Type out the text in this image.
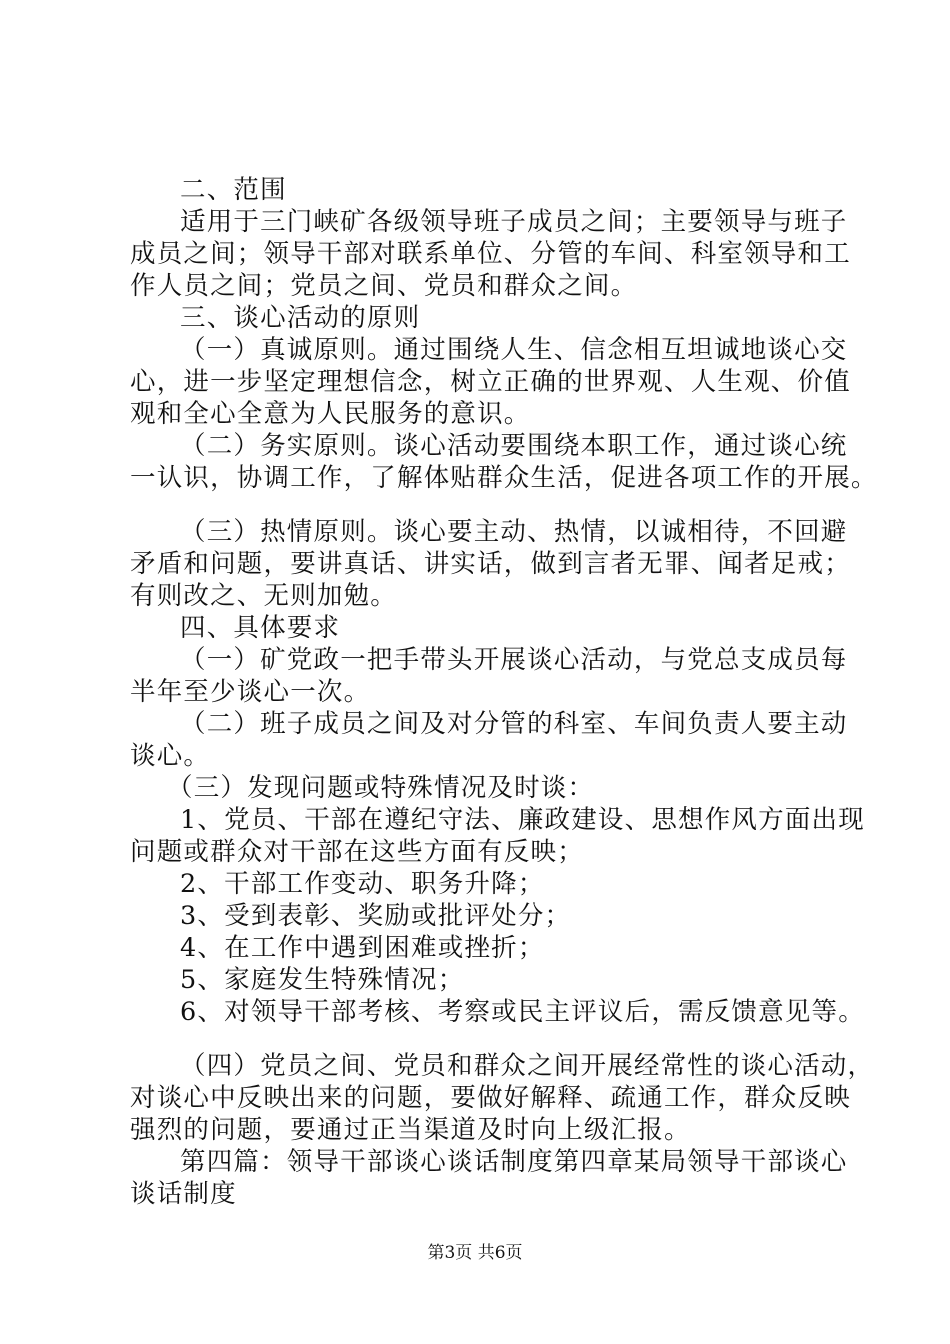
二、范围
适用于三门峡矿各级领导班子成员之间；主要领导与班子
成员之间；领导干部对联系单位、分管的车间、科室领导和工
作人员之间；党员之间、党员和群众之间。
三、谈心活动的原则
（一）真诚原则。通过围绕人生、信念相互坦诚地谈心交
心，进一步坚定理想信念，树立正确的世界观、人生观、价值
观和全心全意为人民服务的意识。
（二）务实原则。谈心活动要围绕本职工作，通过谈心统
一认识，协调工作，了解体贴群众生活，促进各项工作的开展。
（三）热情原则。谈心要主动、热情，以诚相待，不回避
矛盾和问题，要讲真话、讲实话，做到言者无罪、闻者足戒；
有则改之、无则加勉。
四、具体要求
（一）矿党政一把手带头开展谈心活动，与党总支成员每
半年至少谈心一次。
（二）班子成员之间及对分管的科室、车间负责人要主动
谈心。
（三）发现问题或特殊情况及时谈：
1、党员、干部在遵纪守法、廉政建设、思想作风方面出现
问题或群众对干部在这些方面有反映；
2、干部工作变动、职务升降；
3、受到表彰、奖励或批评处分；
4、在工作中遇到困难或挫折；
5、家庭发生特殊情况；
6、对领导干部考核、考察或民主评议后，需反馈意见等。
（四）党员之间、党员和群众之间开展经常性的谈心活动，
对谈心中反映出来的问题，要做好解释、疏通工作，群众反映
强烈的问题，要通过正当渠道及时向上级汇报。
第四篇：领导干部谈心谈话制度第四章某局领导干部谈心
谈话制度
第3页 共6页
